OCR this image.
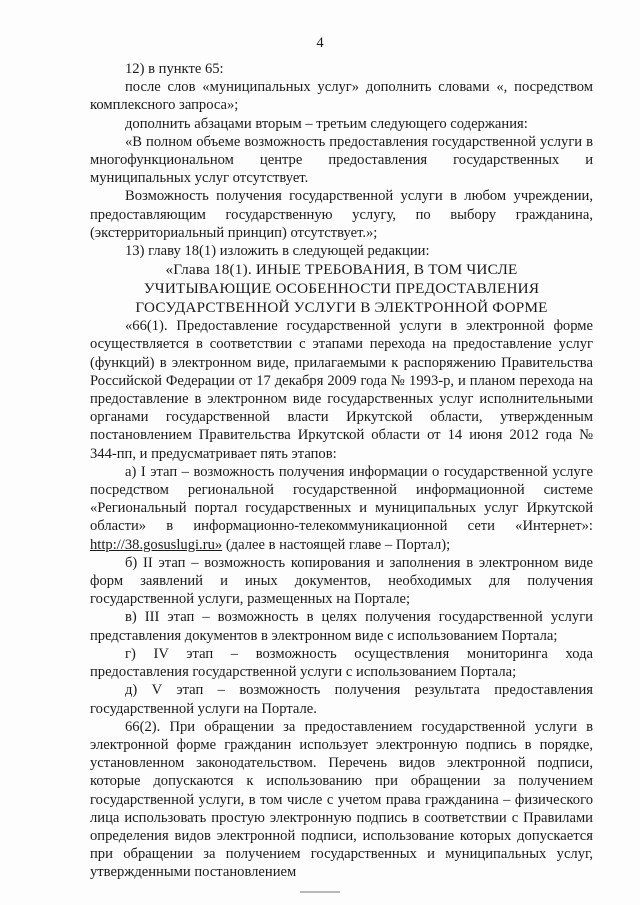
4

12) в пункте 65:

после слов «муниципальных услуг» дополнить словами «, посредством комплексного запроса»;

дополнить абзацами вторым – третьим следующего содержания:

«В полном объеме возможность предоставления государственной услуги в многофункциональном центре предоставления государственных и муниципальных услуг отсутствует.

Возможность получения государственной услуги в любом учреждении, предоставляющим государственную услугу, по выбору гражданина, (экстерриториальный принцип) отсутствует.»;

13) главу 18(1) изложить в следующей редакции:

«Глава 18(1). ИНЫЕ ТРЕБОВАНИЯ, В ТОМ ЧИСЛЕ

УЧИТЫВАЮЩИЕ ОСОБЕННОСТИ ПРЕДОСТАВЛЕНИЯ

ГОСУДАРСТВЕННОЙ УСЛУГИ В ЭЛЕКТРОННОЙ ФОРМЕ

«66(1). Предоставление государственной услуги в электронной форме осуществляется в соответствии с этапами перехода на предоставление услуг (функций) в электронном виде, прилагаемыми к распоряжению Правительства Российской Федерации от 17 декабря 2009 года № 1993-р, и планом перехода на предоставление в электронном виде государственных услуг исполнительными органами государственной власти Иркутской области, утвержденным постановлением Правительства Иркутской области от 14 июня 2012 года № 344-пп, и предусматривает пять этапов:

а) I этап – возможность получения информации о государственной услуге посредством региональной государственной информационной системе «Региональный портал государственных и муниципальных услуг Иркутской области» в информационно-телекоммуникационной сети «Интернет»: http://38.gosuslugi.ru» (далее в настоящей главе – Портал);

б) II этап – возможность копирования и заполнения в электронном виде форм заявлений и иных документов, необходимых для получения государственной услуги, размещенных на Портале;

в) III этап – возможность в целях получения государственной услуги представления документов в электронном виде с использованием Портала;

г) IV этап – возможность осуществления мониторинга хода предоставления государственной услуги с использованием Портала;

д) V этап – возможность получения результата предоставления государственной услуги на Портале.

66(2). При обращении за предоставлением государственной услуги в электронной форме гражданин использует электронную подпись в порядке, установленном законодательством. Перечень видов электронной подписи, которые допускаются к использованию при обращении за получением государственной услуги, в том числе с учетом права гражданина – физического лица использовать простую электронную подпись в соответствии с Правилами определения видов электронной подписи, использование которых допускается при обращении за получением государственных и муниципальных услуг, утвержденными постановлением
